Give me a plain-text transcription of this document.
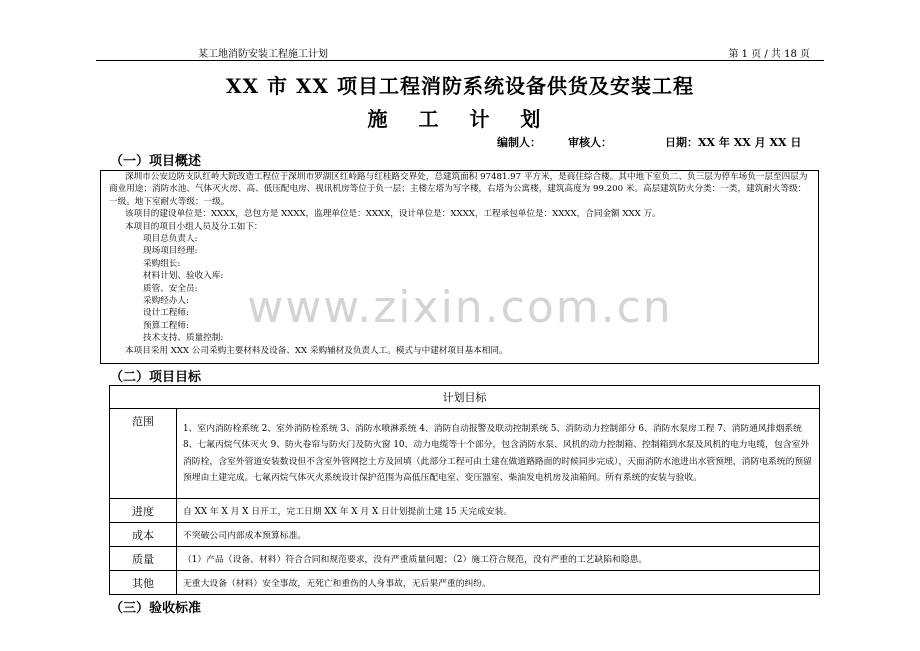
某工地消防安装工程施工计划	第 1 页 / 共 18 页
XX 市 XX 项目工程消防系统设备供货及安装工程
施 工 计 划
编制人： 审核人：	日期：XX 年 XX 月 XX 日
（一）项目概述

深圳市公安边防支队红岭大院改造工程位于深圳市罗湖区红岭路与红桂路交界处，总建筑面积 97481.97 平方米，是商住综合楼。其中地下室负二、负三层为停车场负一层至四层为商业用途；消防水池、气体灭火房、高、低压配电房、视讯机房等位于负一层；主楼左塔为写字楼，右塔为公寓楼，建筑高度为 99.200 米。高层建筑防火分类：一类，建筑耐火等级：一级。地下室耐火等级：一级。

该项目的建设单位是：XXXX，总包方是 XXXX，监理单位是：XXXX，设计单位是：XXXX，工程承包单位是：XXXX，合同金额 XXX 万。

本项目的项目小组人员及分工如下：

项目总负责人:

现场项目经理:

采购组长:

材料计划、验收入库:

质管、安全员:

采购经办人:

设计工程师:

预算工程师:

技术支持、质量控制:

本项目采用 XXX 公司采购主要材料及设备、XX 采购辅材及负责人工。模式与中建材项目基本相同。

（二）项目目标
计划目标	
范围	1、室内消防栓系统 2、室外消防栓系统 3、消防水喷淋系统 4、消防自动报警及联动控制系统 5、消防动力控制部分 6、消防水泵房工程 7、消防通风排烟系统 8、七氟丙烷气体灭火 9、防火卷帘与防火门及防火窗 10、动力电缆等十个部分，包含消防水泵、风机的动力控制箱、控制箱到水泵及风机的电力电缆，包含室外消防栓，含室外管道安装数设但不含室外管网挖土方及回填（此部分工程可由土建在做道路路面的时候同步完成），天面消防水池进出水管预埋，消防电系统的预留预埋由土建完成。七氟丙烷气体灭火系统设计保护范围为高低压配电室、变压器室、柴油发电机房及油箱间。所有系统的安装与验收。
进度	自 XX 年 X 月 X 日开工，完工日期 XX 年 X 月 X 日计划提前土建 15 天完成安装。
成本	不突破公司内部成本预算标准。
质量	（1）产品（设备、材料）符合合同和规范要求，没有严重质量问题；（2）施工符合规范，没有严重的工艺缺陷和隐患。
其他	无重大设备（材料）安全事故，无死亡和重伤的人身事故，无后果严重的纠纷。
（三）验收标准
www.zixin.com.cn
